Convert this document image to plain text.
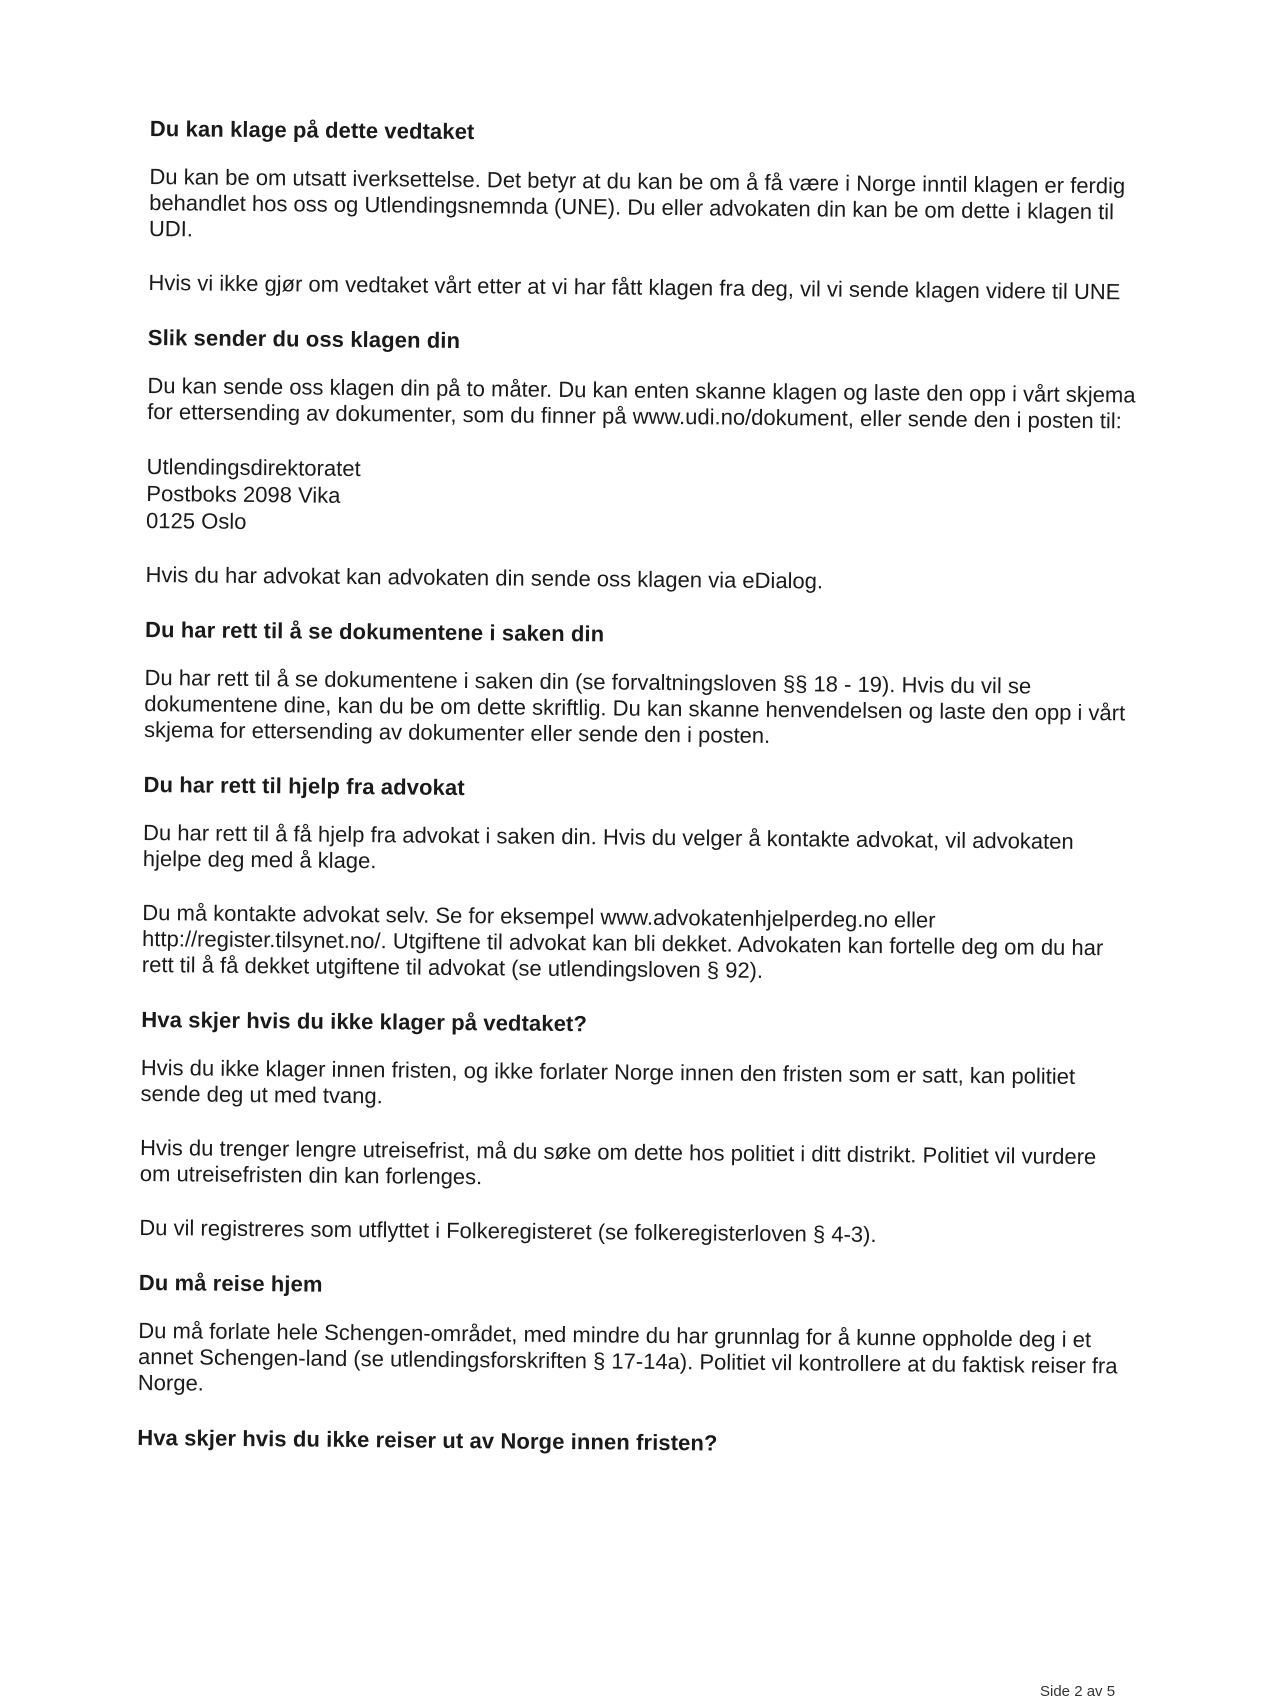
Du kan klage på dette vedtaket

Du kan be om utsatt iverksettelse. Det betyr at du kan be om å få være i Norge inntil klagen er ferdig behandlet hos oss og Utlendingsnemnda (UNE). Du eller advokaten din kan be om dette i klagen til UDI.

Hvis vi ikke gjør om vedtaket vårt etter at vi har fått klagen fra deg, vil vi sende klagen videre til UNE

Slik sender du oss klagen din

Du kan sende oss klagen din på to måter. Du kan enten skanne klagen og laste den opp i vårt skjema for ettersending av dokumenter, som du finner på www.udi.no/dokument, eller sende den i posten til:

Utlendingsdirektoratet

Postboks 2098 Vika

0125 Oslo

Hvis du har advokat kan advokaten din sende oss klagen via eDialog.

Du har rett til å se dokumentene i saken din

Du har rett til å se dokumentene i saken din (se forvaltningsloven §§ 18 - 19). Hvis du vil se dokumentene dine, kan du be om dette skriftlig. Du kan skanne henvendelsen og laste den opp i vårt skjema for ettersending av dokumenter eller sende den i posten.

Du har rett til hjelp fra advokat

Du har rett til å få hjelp fra advokat i saken din. Hvis du velger å kontakte advokat, vil advokaten hjelpe deg med å klage.

Du må kontakte advokat selv. Se for eksempel www.advokatenhjelperdeg.no eller http://register.tilsynet.no/. Utgiftene til advokat kan bli dekket. Advokaten kan fortelle deg om du har rett til å få dekket utgiftene til advokat (se utlendingsloven § 92).

Hva skjer hvis du ikke klager på vedtaket?

Hvis du ikke klager innen fristen, og ikke forlater Norge innen den fristen som er satt, kan politiet sende deg ut med tvang.

Hvis du trenger lengre utreisefrist, må du søke om dette hos politiet i ditt distrikt. Politiet vil vurdere om utreisefristen din kan forlenges.

Du vil registreres som utflyttet i Folkeregisteret (se folkeregisterloven § 4-3).

Du må reise hjem

Du må forlate hele Schengen-området, med mindre du har grunnlag for å kunne oppholde deg i et annet Schengen-land (se utlendingsforskriften § 17-14a). Politiet vil kontrollere at du faktisk reiser fra Norge.

Hva skjer hvis du ikke reiser ut av Norge innen fristen?

Side 2 av 5
